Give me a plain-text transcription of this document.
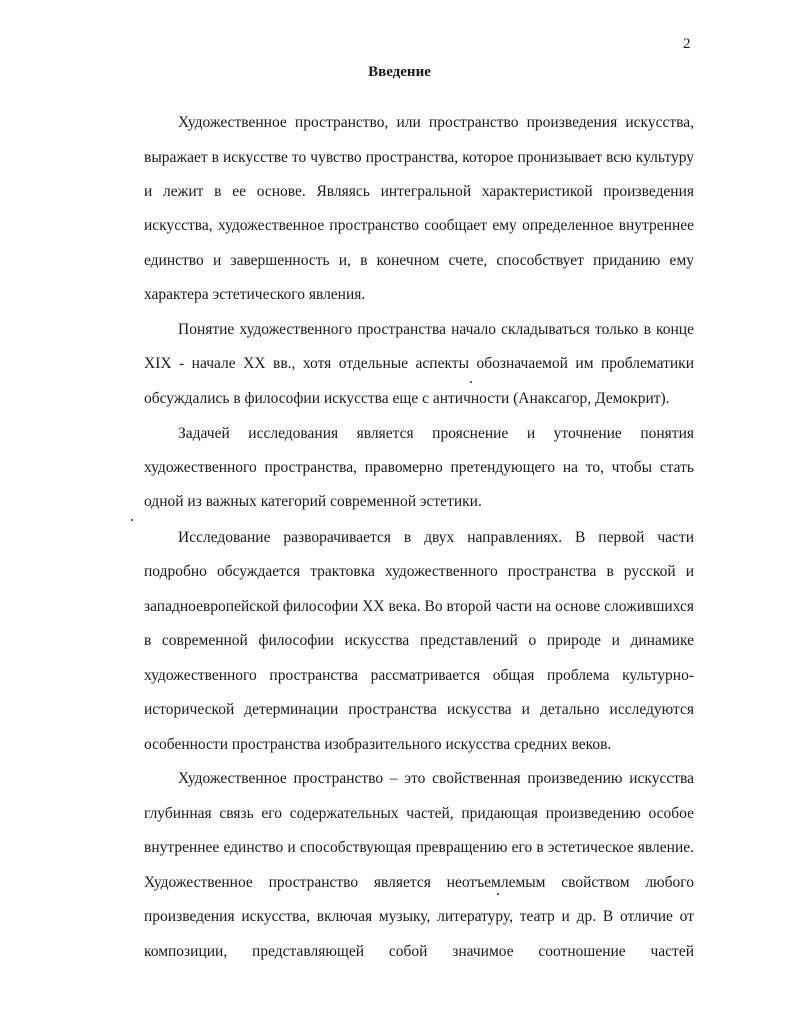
2
Введение
Художественное пространство, или пространство произведения искусства,
выражает в искусстве то чувство пространства, которое пронизывает всю культуру
и лежит в ее основе. Являясь интегральной характеристикой произведения
искусства, художественное пространство сообщает ему определенное внутреннее
единство и завершенность и, в конечном счете, способствует приданию ему
характера эстетического явления.
Понятие художественного пространства начало складываться только в конце
XIX - начале XX вв., хотя отдельные аспекты обозначаемой им проблематики
обсуждались в философии искусства еще с античности (Анаксагор, Демокрит).
Задачей исследования является прояснение и уточнение понятия
художественного пространства, правомерно претендующего на то, чтобы стать
одной из важных категорий современной эстетики.
Исследование разворачивается в двух направлениях. В первой части
подробно обсуждается трактовка художественного пространства в русской и
западноевропейской философии XX века. Во второй части на основе сложившихся
в современной философии искусства представлений о природе и динамике
художественного пространства рассматривается общая проблема культурно-
исторической детерминации пространства искусства и детально исследуются
особенности пространства изобразительного искусства средних веков.
Художественное пространство – это свойственная произведению искусства
глубинная связь его содержательных частей, придающая произведению особое
внутреннее единство и способствующая превращению его в эстетическое явление.
Художественное пространство является неотъемлемым свойством любого
произведения искусства, включая музыку, литературу, театр и др. В отличие от
композиции, представляющей собой значимое соотношение частей
